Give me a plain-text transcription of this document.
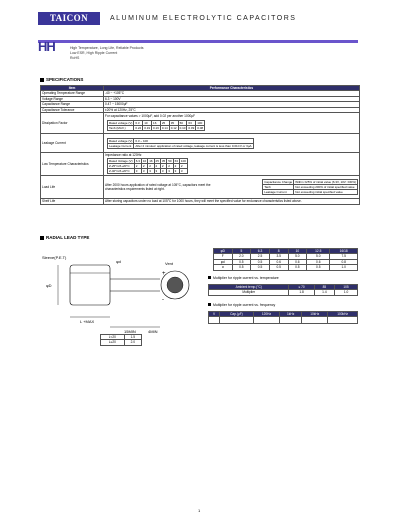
TAICON	ALUMINUM ELECTROLYTIC CAPACITORS
HH	High Temperature, Long Life, Reliable Products
Low ESR, High Ripple Current
RoHS
SPECIFICATIONS
Item	Performance Characteristics
Operating Temperature Range	-40 ~ +105°C
Voltage Range	6.3 ~ 100V
Capacitance Range	0.47 ~ 15000μF
Capacitance Tolerance	±20% at 120Hz, 25°C
Dissipation Factor	
For capacitance values > 1000μF, add 0.02 per another 1000μF
Rated voltage (V)	6.3	10	16	25	35	50	63	100
Tanδ (MAX.)	0.22	0.19	0.16	0.14	0.12	0.10	0.09	0.08

Leakage Current	
Rated voltage (V)	6.3 ~ 100
Leakage Current	After 2 minutes' application of rated voltage, leakage current is less than 0.01CV or 3μA

Low Temperature Characteristics	
Impedance ratio at 120Hz
Rated Voltage (V)	6.3	10	16	25	35	50	63	100
Z-25°C/Z+20°C	2	2	2	2	2	2	2	2
Z-40°C/Z+20°C	3	3	3	3	3	3	3	3

Load Life	
After 2000 hours application of rated voltage at 105°C, capacitors meet the characteristics requirements listed at right.
Capacitance Change	Within ±25% of initial value (6.3V, 10V: ±30%)
Tanδ	Not exceeding 200% of initial specified value
Leakage Current	Not exceeding initial specified value

Shelf Life	After storing capacitors under no load at 105°C for 1000 hours, they will meet the specified value for endurance characteristics listed above.
RADIAL LEAD TYPE
Sleeve(P.E.T)
φd	Vent
+
-
L +MAX
15MIN	4MIN
φD
φD	5	6.3	8	10	12.5	16/18
F	2.0	2.5	3.5	5.0	5.0	7.5
φd	0.5	0.5	0.6	0.6	0.6	0.8
α	0.5	0.5	0.5	0.5	0.5	1.0
Multiplier for ripple current vs. temperature
Ambient temp.(°C)	≤ 70	85	105
Multiplier	1.8	1.4	1.0
Multiplier for ripple current vs. frequency
V	Cap.(μF)	120Hz	1kHz	10kHz	100kHz

L<20	1.5
L≥20	2.0
1
